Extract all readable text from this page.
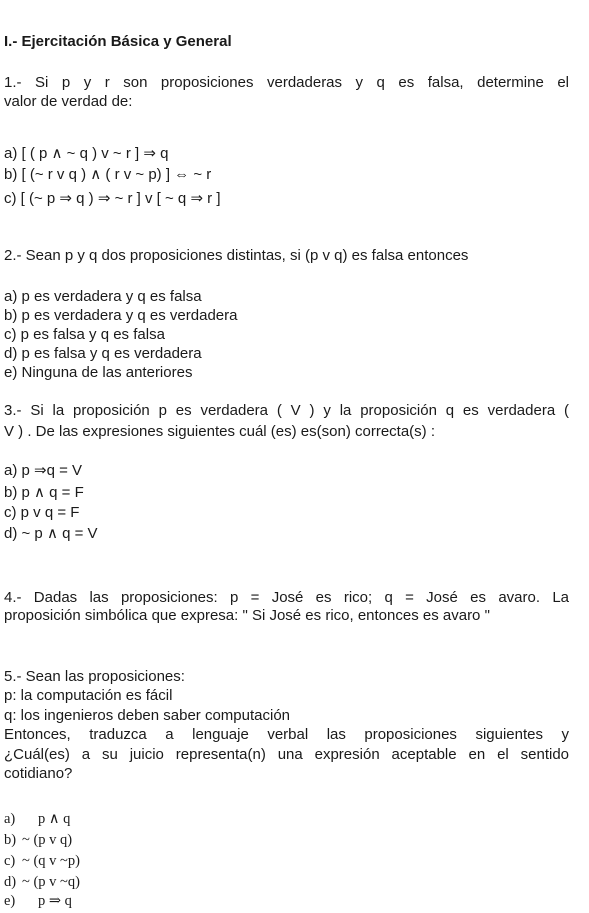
I.- Ejercitación Básica y General
1.- Si p y r son proposiciones verdaderas y q es falsa, determine el
valor de verdad de:
a) [ ( p ∧ ~ q ) v ~ r ] ⇒ q
b) [ (~ r v q ) ∧ ( r v ~ p) ] ⇔ ~ r
c) [ (~ p ⇒ q ) ⇒ ~ r ] v [ ~ q ⇒ r ]
2.- Sean p y q dos proposiciones distintas, si (p v q) es falsa entonces
a) p es verdadera y q es falsa
b) p es verdadera y q es verdadera
c) p es falsa y q es falsa
d) p es falsa y q es verdadera
e) Ninguna de las anteriores
3.- Si la proposición p es verdadera ( V ) y la proposición q es verdadera (
V ) . De las expresiones siguientes cuál (es) es(son) correcta(s) :
a) p ⇒q = V
b) p ∧ q = F
c) p v q = F
d) ~ p ∧ q = V
4.- Dadas las proposiciones: p = José es rico; q = José es avaro. La
proposición simbólica que expresa: " Si José es rico, entonces es avaro "
5.- Sean las proposiciones:
p: la computación es fácil
q: los ingenieros deben saber computación
Entonces, traduzca a lenguaje verbal las proposiciones siguientes y
¿Cuál(es) a su juicio representa(n) una expresión aceptable en el sentido
cotidiano?
a) p ∧ q
b) ~ (p v q)
c) ~ (q v ~p)
d) ~ (p v ~q)
e) p ⇒ q
